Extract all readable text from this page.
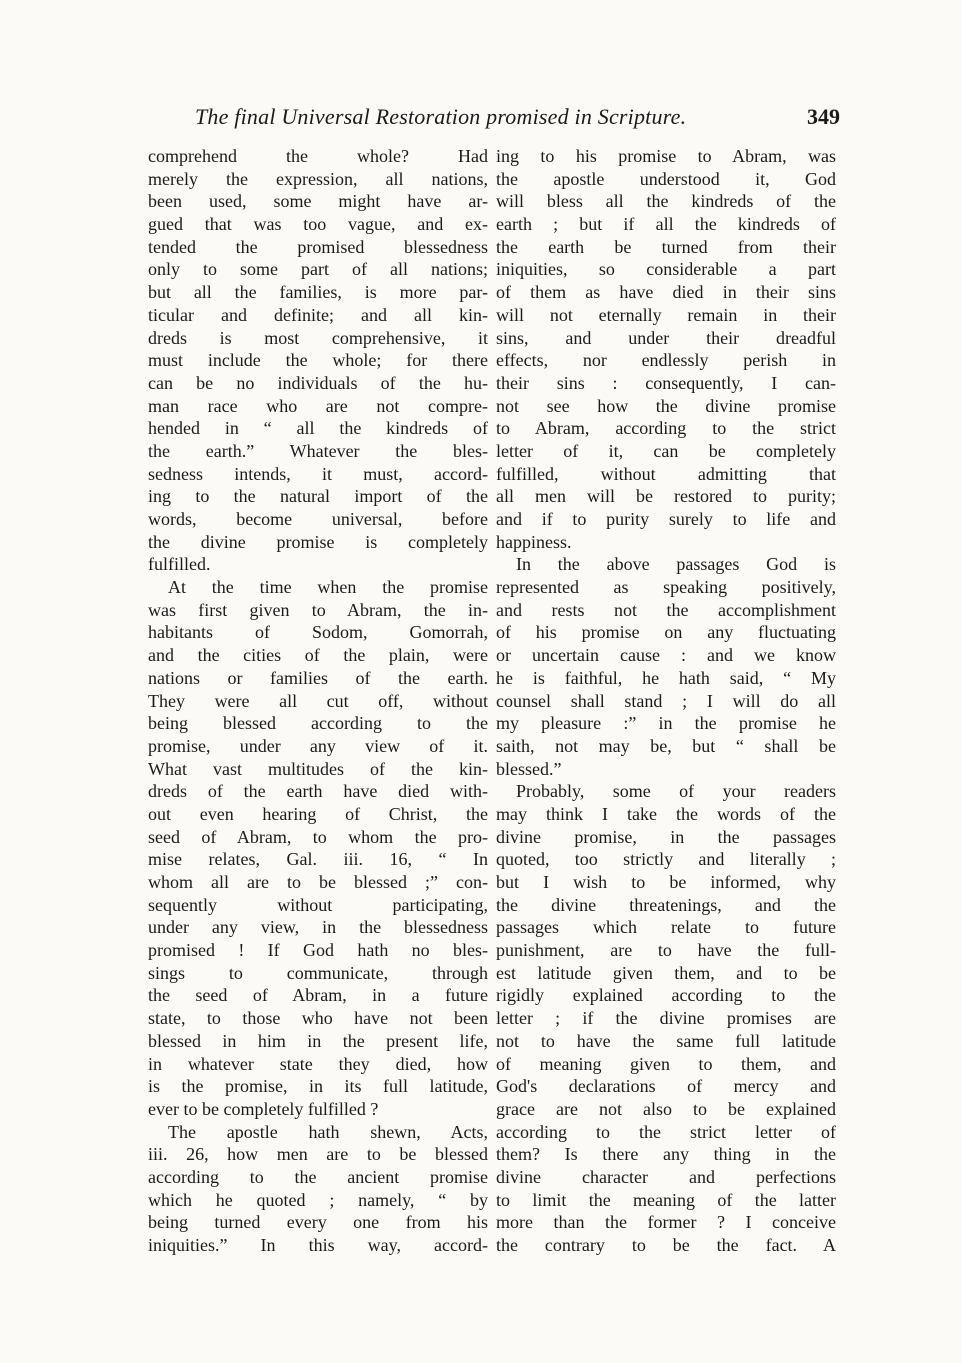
The final Universal Restoration promised in Scripture.	349
comprehend the whole? Had
merely the expression, all nations,
been used, some might have ar-
gued that was too vague, and ex-
tended the promised blessedness
only to some part of all nations;
but all the families, is more par-
ticular and definite; and all kin-
dreds is most comprehensive, it
must include the whole; for there
can be no individuals of the hu-
man race who are not compre-
hended in “ all the kindreds of
the earth.” Whatever the bles-
sedness intends, it must, accord-
ing to the natural import of the
words, become universal, before
the divine promise is completely
fulfilled.
At the time when the promise
was first given to Abram, the in-
habitants of Sodom, Gomorrah,
and the cities of the plain, were
nations or families of the earth.
They were all cut off, without
being blessed according to the
promise, under any view of it.
What vast multitudes of the kin-
dreds of the earth have died with-
out even hearing of Christ, the
seed of Abram, to whom the pro-
mise relates, Gal. iii. 16, “ In
whom all are to be blessed ;” con-
sequently without participating,
under any view, in the blessedness
promised ! If God hath no bles-
sings to communicate, through
the seed of Abram, in a future
state, to those who have not been
blessed in him in the present life,
in whatever state they died, how
is the promise, in its full latitude,
ever to be completely fulfilled ?
The apostle hath shewn, Acts,
iii. 26, how men are to be blessed
according to the ancient promise
which he quoted ; namely, “ by
being turned every one from his
iniquities.” In this way, accord-
ing to his promise to Abram, was
the apostle understood it, God
will bless all the kindreds of the
earth ; but if all the kindreds of
the earth be turned from their
iniquities, so considerable a part
of them as have died in their sins
will not eternally remain in their
sins, and under their dreadful
effects, nor endlessly perish in
their sins : consequently, I can-
not see how the divine promise
to Abram, according to the strict
letter of it, can be completely
fulfilled, without admitting that
all men will be restored to purity;
and if to purity surely to life and
happiness.
In the above passages God is
represented as speaking positively,
and rests not the accomplishment
of his promise on any fluctuating
or uncertain cause : and we know
he is faithful, he hath said, “ My
counsel shall stand ; I will do all
my pleasure :” in the promise he
saith, not may be, but “ shall be
blessed.”
Probably, some of your readers
may think I take the words of the
divine promise, in the passages
quoted, too strictly and literally ;
but I wish to be informed, why
the divine threatenings, and the
passages which relate to future
punishment, are to have the full-
est latitude given them, and to be
rigidly explained according to the
letter ; if the divine promises are
not to have the same full latitude
of meaning given to them, and
God's declarations of mercy and
grace are not also to be explained
according to the strict letter of
them? Is there any thing in the
divine character and perfections
to limit the meaning of the latter
more than the former ? I conceive
the contrary to be the fact. A
